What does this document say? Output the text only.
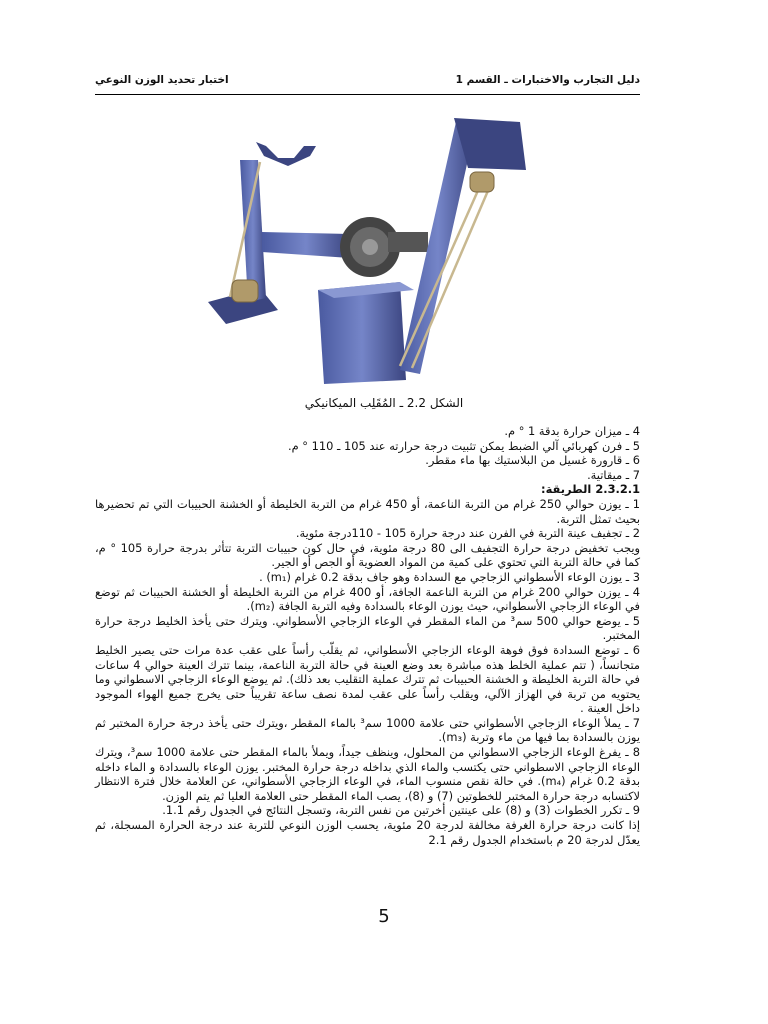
دليل التجارب والاختبارات ـ القسم 1
اختبار تحديد الوزن النوعي
الشكل 2.2 ـ المُقَلِب الميكانيكي

4 ـ ميزان حرارة بدقة 1 ° م.

5 ـ فرن كهربائي آلي الضبط يمكن تثبيت درجة حرارته عند 105 ـ 110 ° م.

6 ـ قارورة غسيل من البلاستيك بها ماء مقطر.

7 ـ ميقاتية.

2.3.2.1 الطريقة:

1 ـ يوزن حوالي 250 غرام من التربة الناعمة، أو 450 غرام من التربة الخليطة أو الخشنة الحبيبات التي تم تحضيرها بحيث تمثل التربة.

2 ـ تجفيف عينة التربة في الفرن عند درجة حرارة 105 - 110درجة مئوية.

ويجب تخفيض درجة حرارة التجفيف الى 80 درجة مئوية، في حال كون حبيبات التربة تتأثر بدرجة حرارة 105 ° م، كما في حالة التربة التي تحتوي على كمية من المواد العضوية أو الجص أو الجير.

3 ـ يوزن الوعاء الأسطواني الزجاجي مع السدادة وهو جاف بدقة 0.2 غرام (m₁) .

4 ـ يوزن حوالي 200 غرام من التربة الناعمة الجافة، أو 400 غرام من التربة الخليطة أو الخشنة الحبيبات ثم توضع في الوعاء الزجاجي الأسطواني، حيث يوزن الوعاء بالسدادة وفيه التربة الجافة (m₂).

5 ـ يوضع حوالي 500 سم³ من الماء المقطر في الوعاء الزجاجي الأسطواني. ويترك حتى يأخذ الخليط درجة حرارة المختبر.

6 ـ توضع السدادة فوق فوهة الوعاء الزجاجي الأسطواني، ثم يقلّب رأساً على عقب عدة مرات حتى يصير الخليط متجانساً، ( تتم عملية الخلط هذه مباشرة بعد وضع العينة في حالة التربة الناعمة، بينما تترك العينة حوالي 4 ساعات في حالة التربة الخليطة و الخشنة الحبيبات ثم تترك عملية التقليب بعد ذلك). ثم يوضع الوعاء الزجاجي الاسطواني وما يحتويه من تربة في الهزاز الآلي، ويقلب رأساً على عقب لمدة نصف ساعة تقريباً حتى يخرج جميع الهواء الموجود داخل العينة .

7 ـ يملأ الوعاء الزجاجي الأسطواني حتى علامة 1000 سم³ بالماء المقطر ،ويترك حتى يأخذ درجة حرارة المختبر ثم يوزن بالسدادة بما فيها من ماء وتربة (m₃).

8 ـ يفرغ الوعاء الزجاجي الاسطواني من المحلول، وينظف جيداً، ويملأ بالماء المقطر حتى علامة 1000 سم³، ويترك الوعاء الزجاجي الاسطواني حتى يكتسب والماء الذي بداخله درجة حرارة المختبر. يوزن الوعاء بالسدادة و الماء داخله بدقة 0.2 غرام (m₄). في حالة نقص منسوب الماء، في الوعاء الزجاجي الأسطواني، عن العلامة خلال فترة الانتظار لاكتسابه درجة حرارة المختبر للخطوتين (7) و (8)، يصب الماء المقطر حتى العلامة العليا ثم يتم الوزن.

9 ـ تكرر الخطوات (3) و (8) على عينتين أخرتين من نفس التربة، وتسجل النتائج في الجدول رقم 1.1.

إذا كانت درجة حرارة الغرفة مخالفة لدرجة 20 مئوية، يحسب الوزن النوعي للتربة عند درجة الحرارة المسجلة، ثم يعدّل لدرجة 20 م باستخدام الجدول رقم 2.1

5
